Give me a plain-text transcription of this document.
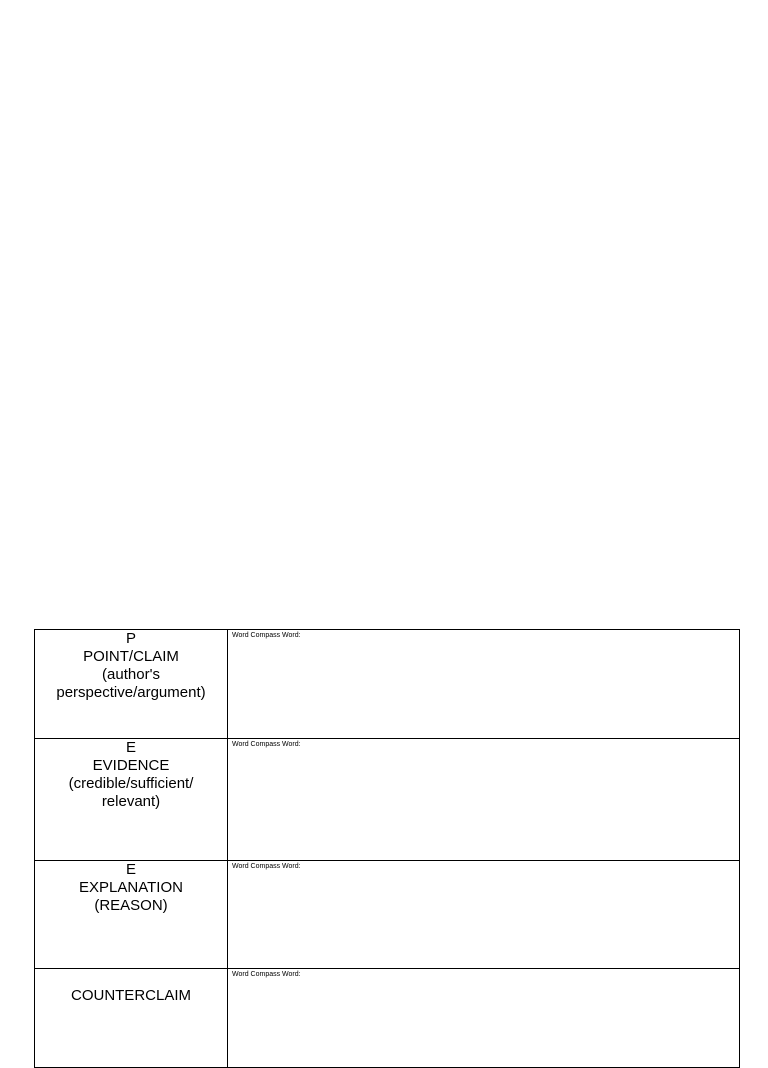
P
POINT/CLAIM
(author's
perspective/argument)	Word Compass Word:

E
EVIDENCE
(credible/sufficient/
relevant)	Word Compass Word:

E
EXPLANATION
(REASON)	Word Compass Word:

COUNTERCLAIM	Word Compass Word:
